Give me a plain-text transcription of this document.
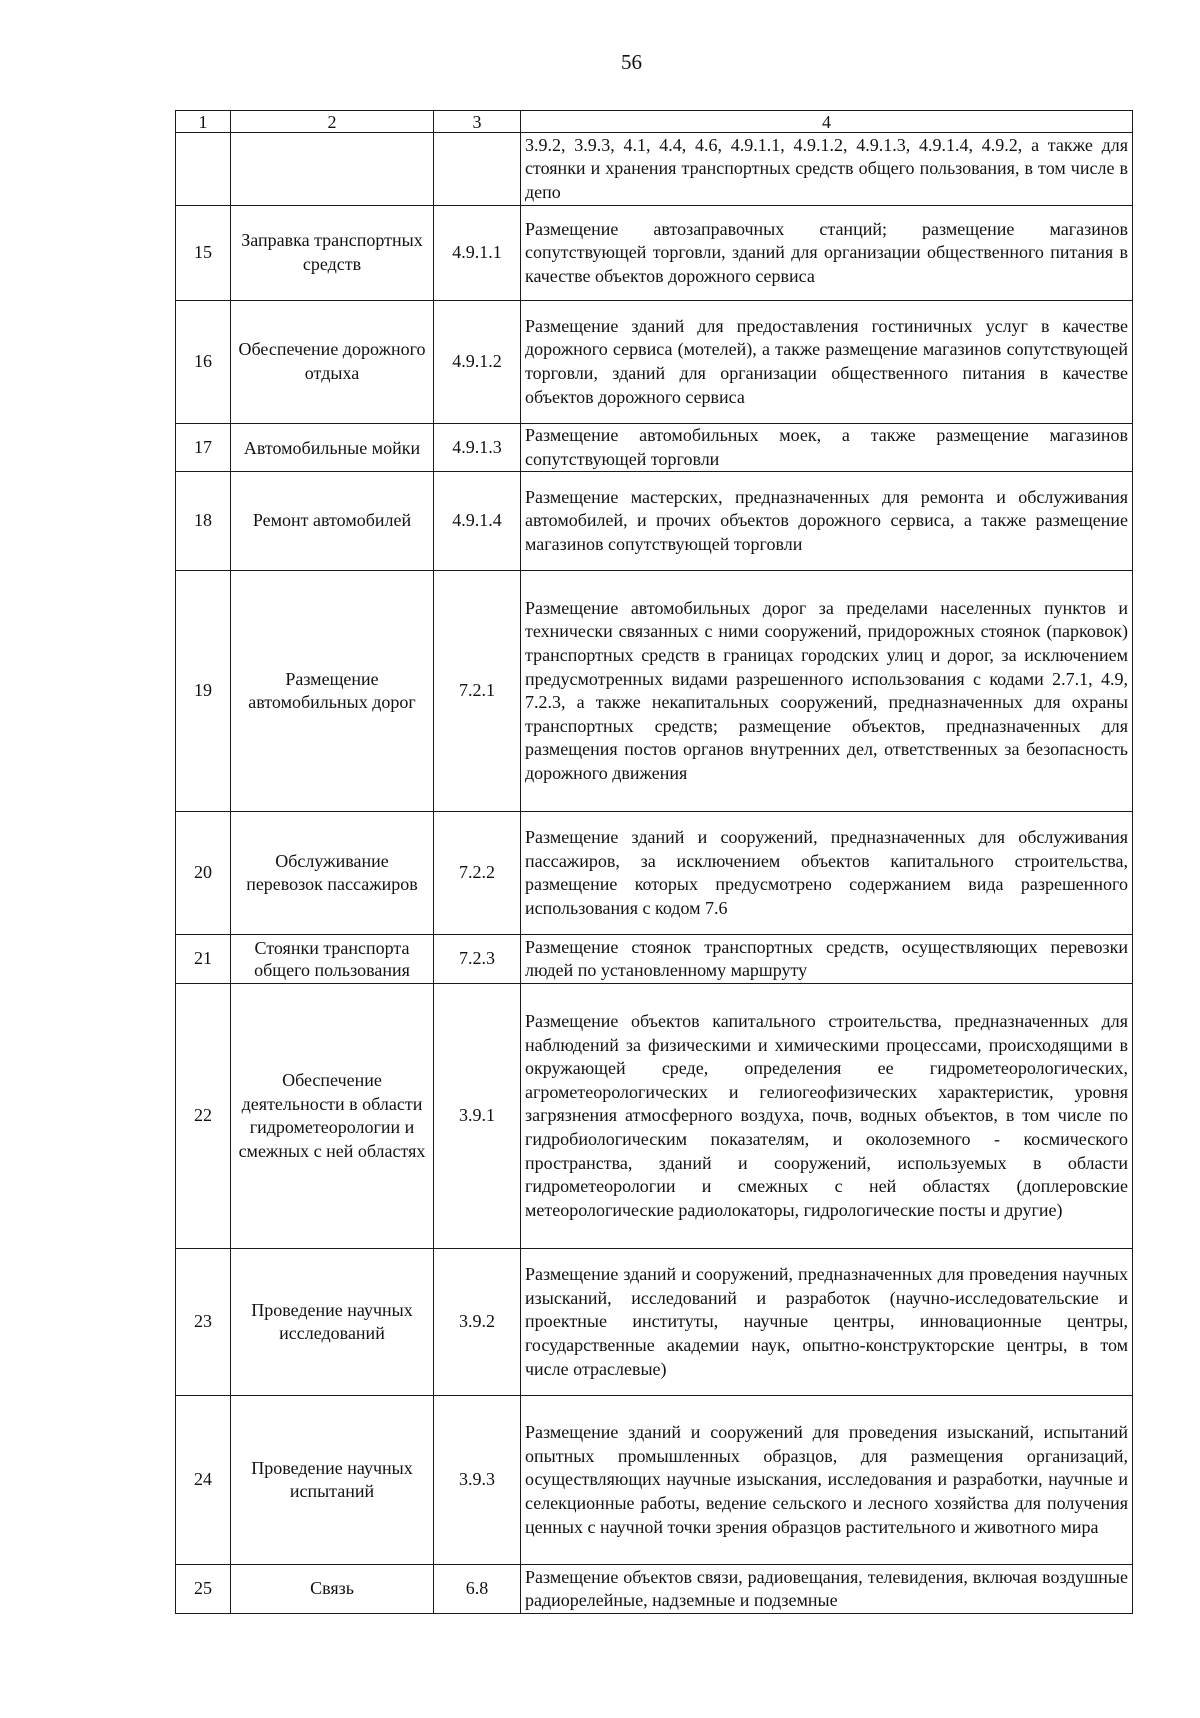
56
1	2	3	4
			3.9.2, 3.9.3, 4.1, 4.4, 4.6, 4.9.1.1, 4.9.1.2, 4.9.1.3, 4.9.1.4, 4.9.2, а также для стоянки и хранения транспортных средств общего пользования, в том числе в депо
15	Заправка транспортных средств	4.9.1.1	Размещение автозаправочных станций; размещение магазинов сопутствующей торговли, зданий для организации общественного питания в качестве объектов дорожного сервиса
16	Обеспечение дорожного отдыха	4.9.1.2	Размещение зданий для предоставления гостиничных услуг в качестве дорожного сервиса (мотелей), а также размещение магазинов сопутствующей торговли, зданий для организации общественного питания в качестве объектов дорожного сервиса
17	Автомобильные мойки	4.9.1.3	Размещение автомобильных моек, а также размещение магазинов сопутствующей торговли
18	Ремонт автомобилей	4.9.1.4	Размещение мастерских, предназначенных для ремонта и обслуживания автомобилей, и прочих объектов дорожного сервиса, а также размещение магазинов сопутствующей торговли
19	Размещение автомобильных дорог	7.2.1	Размещение автомобильных дорог за пределами населенных пунктов и технически связанных с ними сооружений, придорожных стоянок (парковок) транспортных средств в границах городских улиц и дорог, за исключением предусмотренных видами разрешенного использования с кодами 2.7.1, 4.9, 7.2.3, а также некапитальных сооружений, предназначенных для охраны транспортных средств; размещение объектов, предназначенных для размещения постов органов внутренних дел, ответственных за безопасность дорожного движения
20	Обслуживание перевозок пассажиров	7.2.2	Размещение зданий и сооружений, предназначенных для обслуживания пассажиров, за исключением объектов капитального строительства, размещение которых предусмотрено содержанием вида разрешенного использования с кодом 7.6
21	Стоянки транспорта общего пользования	7.2.3	Размещение стоянок транспортных средств, осуществляющих перевозки людей по установленному маршруту
22	Обеспечение деятельности в области гидрометеорологии и смежных с ней областях	3.9.1	Размещение объектов капитального строительства, предназначенных для наблюдений за физическими и химическими процессами, происходящими в окружающей среде, определения ее гидрометеорологических, агрометеорологических и гелиогеофизических характеристик, уровня загрязнения атмосферного воздуха, почв, водных объектов, в том числе по гидробиологическим показателям, и околоземного - космического пространства, зданий и сооружений, используемых в области гидрометеорологии и смежных с ней областях (доплеровские метеорологические радиолокаторы, гидрологические посты и другие)
23	Проведение научных исследований	3.9.2	Размещение зданий и сооружений, предназначенных для проведения научных изысканий, исследований и разработок (научно-исследовательские и проектные институты, научные центры, инновационные центры, государственные академии наук, опытно-конструкторские центры, в том числе отраслевые)
24	Проведение научных испытаний	3.9.3	Размещение зданий и сооружений для проведения изысканий, испытаний опытных промышленных образцов, для размещения организаций, осуществляющих научные изыскания, исследования и разработки, научные и селекционные работы, ведение сельского и лесного хозяйства для получения ценных с научной точки зрения образцов растительного и животного мира
25	Связь	6.8	Размещение объектов связи, радиовещания, телевидения, включая воздушные радиорелейные, надземные и подземные
